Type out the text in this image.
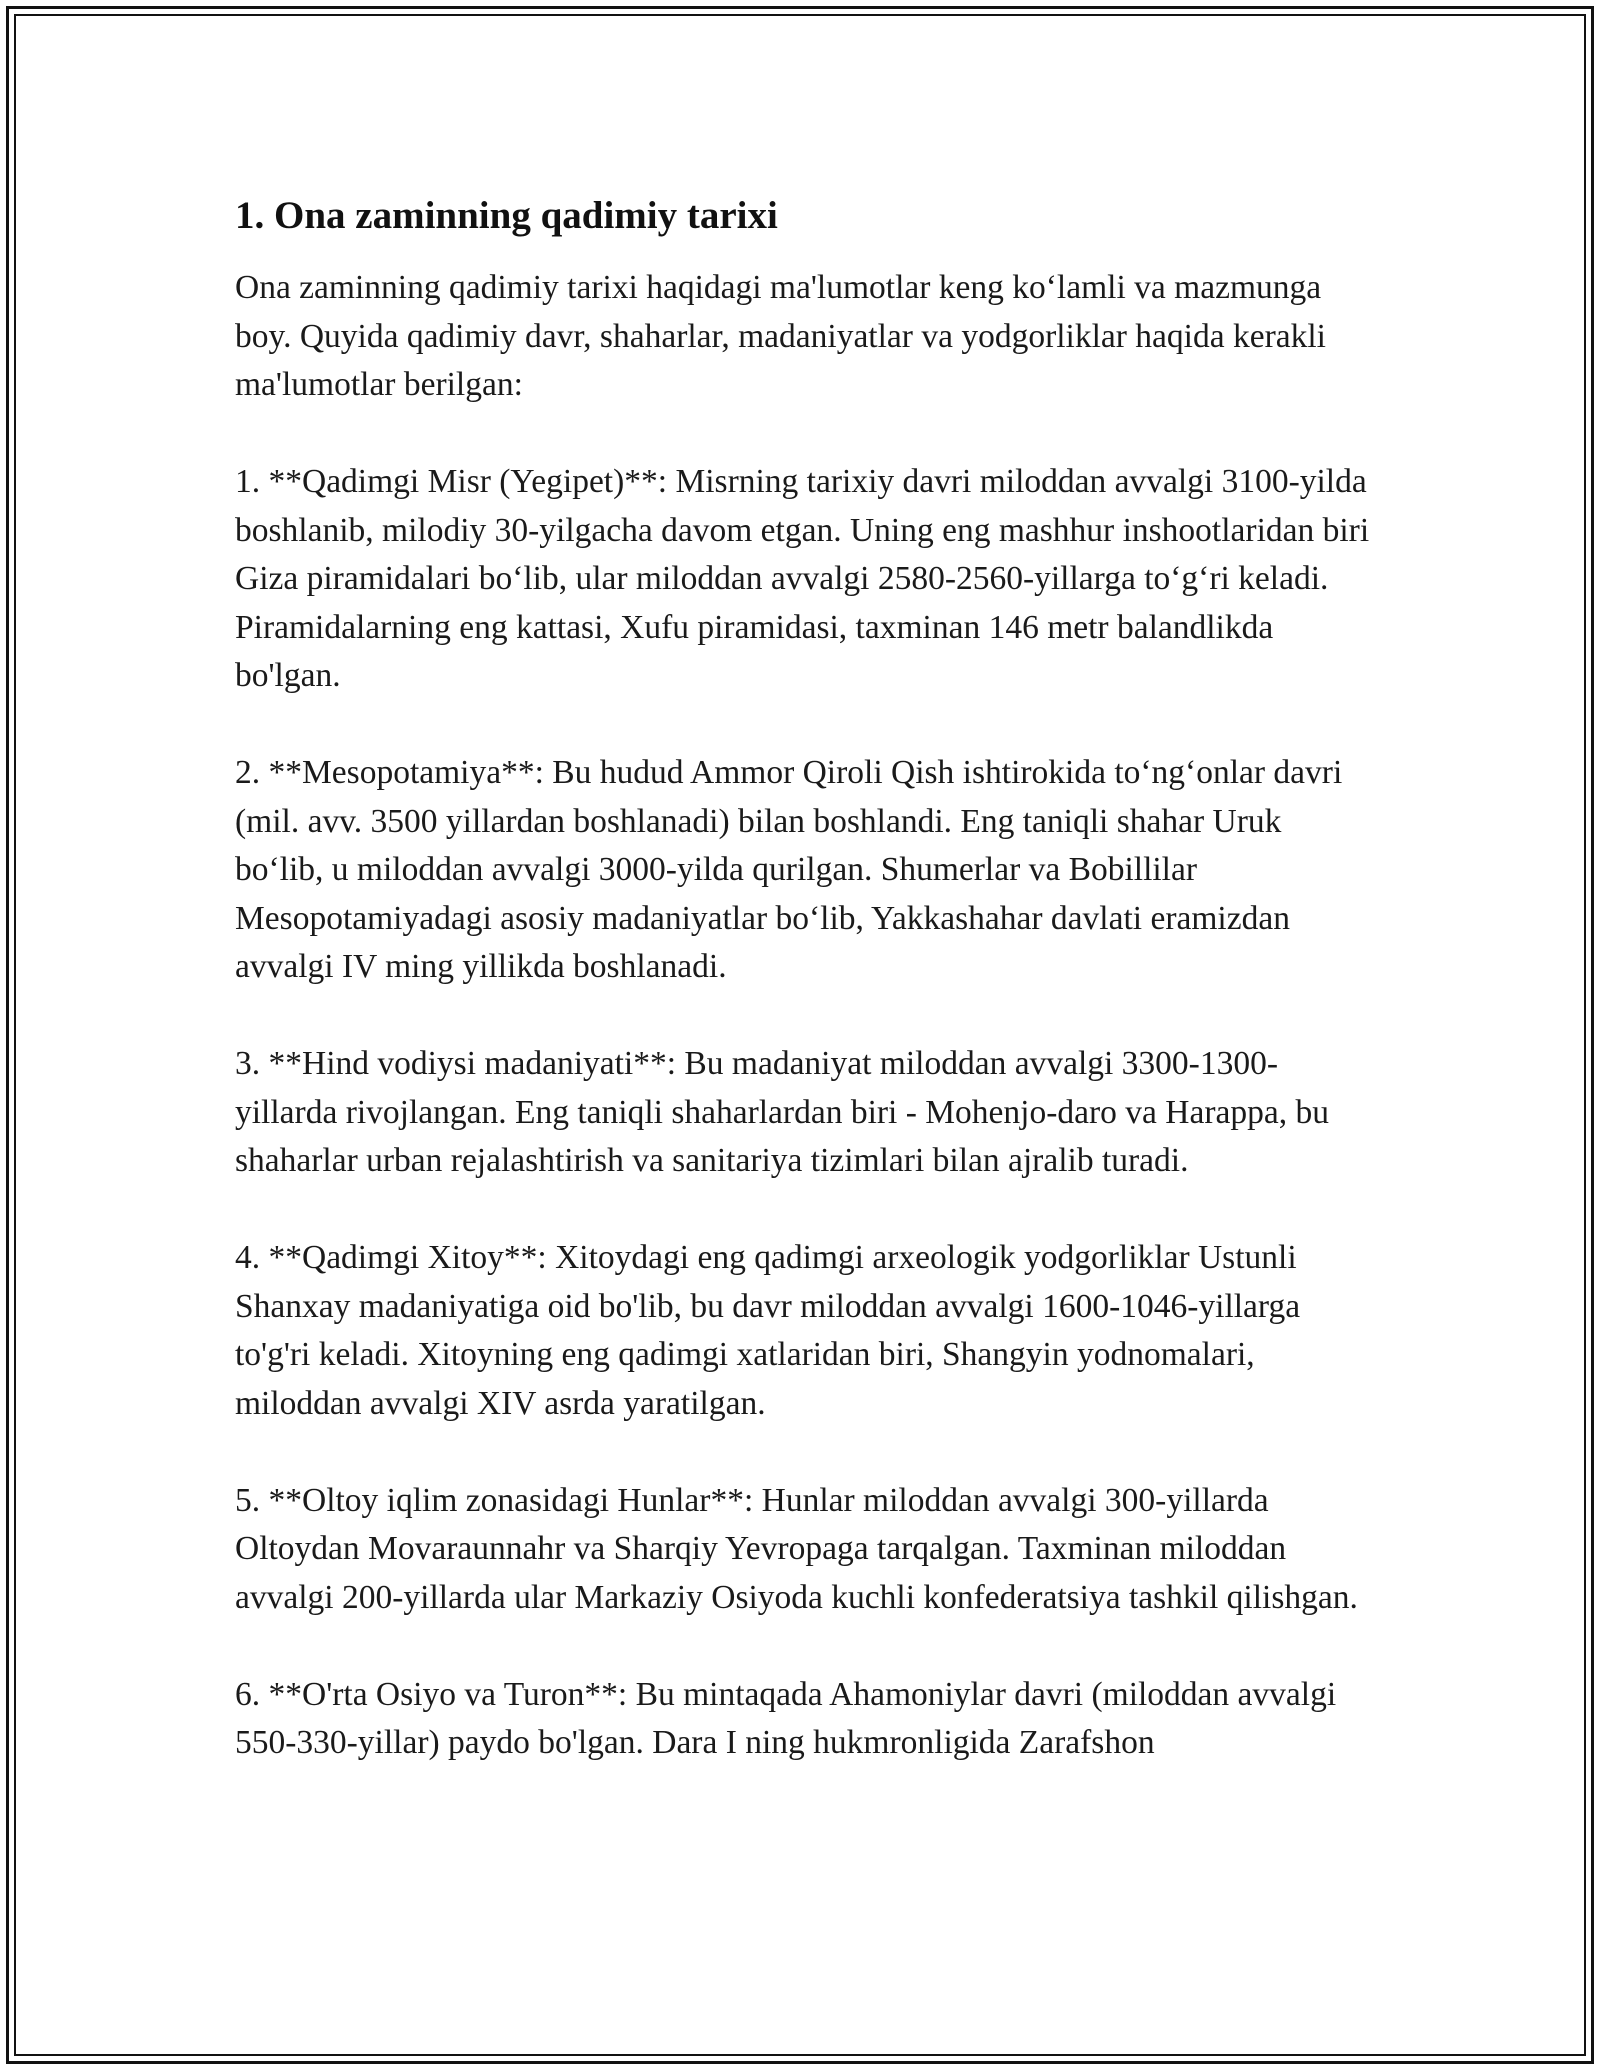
1. Ona zaminning qadimiy tarixi

Ona zaminning qadimiy tarixi haqidagi ma'lumotlar keng ko‘lamli va mazmunga boy. Quyida qadimiy davr, shaharlar, madaniyatlar va yodgorliklar haqida kerakli ma'lumotlar berilgan:

1. **Qadimgi Misr (Yegipet)**: Misrning tarixiy davri miloddan avvalgi 3100-yilda boshlanib, milodiy 30-yilgacha davom etgan. Uning eng mashhur inshootlaridan biri Giza piramidalari bo‘lib, ular miloddan avvalgi 2580-2560-yillarga to‘g‘ri keladi. Piramidalarning eng kattasi, Xufu piramidasi, taxminan 146 metr balandlikda bo'lgan.

2. **Mesopotamiya**: Bu hudud Ammor Qiroli Qish ishtirokida to‘ng‘onlar davri (mil. avv. 3500 yillardan boshlanadi) bilan boshlandi. Eng taniqli shahar Uruk bo‘lib, u miloddan avvalgi 3000-yilda qurilgan. Shumerlar va Bobillilar Mesopotamiyadagi asosiy madaniyatlar bo‘lib, Yakkashahar davlati eramizdan avvalgi IV ming yillikda boshlanadi.

3. **Hind vodiysi madaniyati**: Bu madaniyat miloddan avvalgi 3300-1300-yillarda rivojlangan. Eng taniqli shaharlardan biri - Mohenjo-daro va Harappa, bu shaharlar urban rejalashtirish va sanitariya tizimlari bilan ajralib turadi.

4. **Qadimgi Xitoy**: Xitoydagi eng qadimgi arxeologik yodgorliklar Ustunli Shanxay madaniyatiga oid bo'lib, bu davr miloddan avvalgi 1600-1046-yillarga to'g'ri keladi. Xitoyning eng qadimgi xatlaridan biri, Shangyin yodnomalari, miloddan avvalgi XIV asrda yaratilgan.

5. **Oltoy iqlim zonasidagi Hunlar**: Hunlar miloddan avvalgi 300-yillarda Oltoydan Movaraunnahr va Sharqiy Yevropaga tarqalgan. Taxminan miloddan avvalgi 200-yillarda ular Markaziy Osiyoda kuchli konfederatsiya tashkil qilishgan.

6. **O'rta Osiyo va Turon**: Bu mintaqada Ahamoniylar davri (miloddan avvalgi 550-330-yillar) paydo bo'lgan. Dara I ning hukmronligida Zarafshon
